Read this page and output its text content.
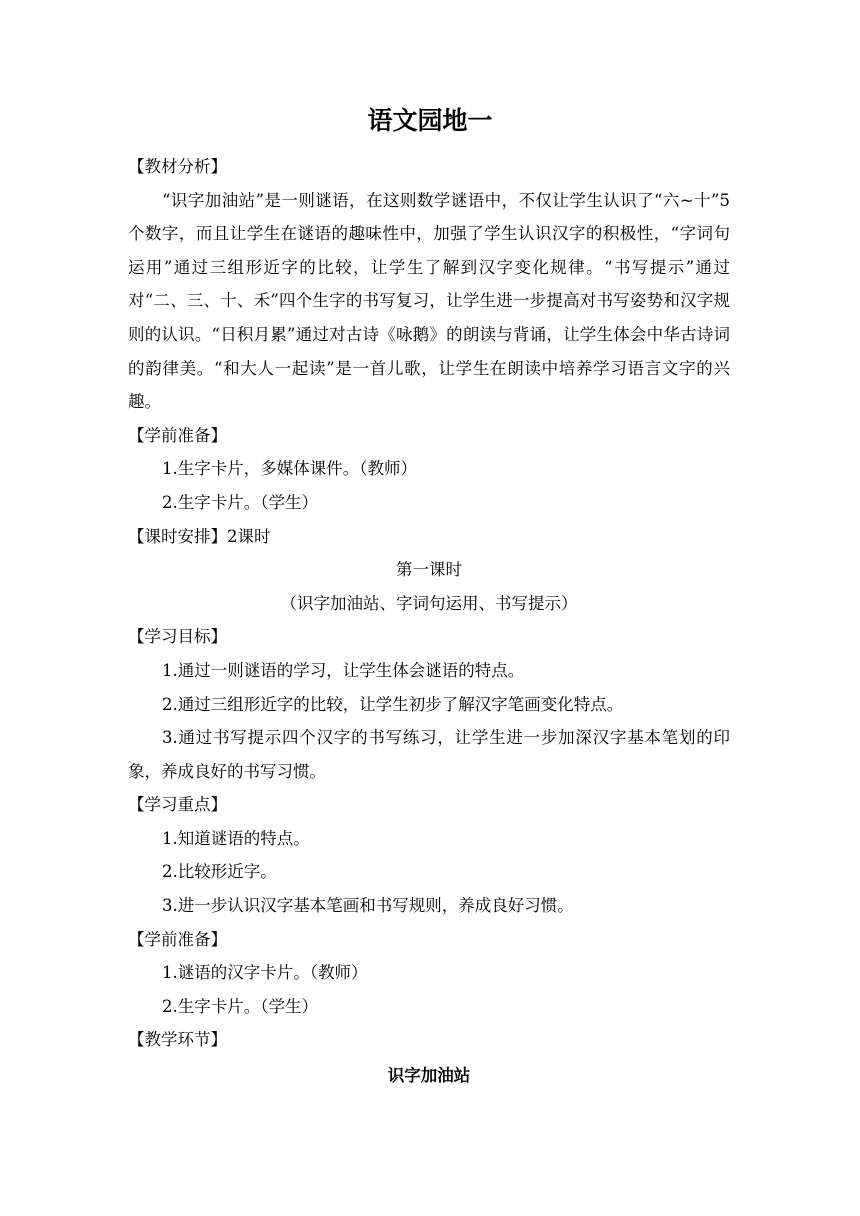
语文园地一

【教材分析】

“识字加油站”是一则谜语，在这则数学谜语中，不仅让学生认识了“六~十”5个数字，而且让学生在谜语的趣味性中，加强了学生认识汉字的积极性，“字词句运用”通过三组形近字的比较，让学生了解到汉字变化规律。“书写提示”通过对“二、三、十、禾”四个生字的书写复习，让学生进一步提高对书写姿势和汉字规则的认识。“日积月累”通过对古诗《咏鹅》的朗读与背诵，让学生体会中华古诗词的韵律美。“和大人一起读”是一首儿歌，让学生在朗读中培养学习语言文字的兴趣。

【学前准备】

1.生字卡片，多媒体课件。（教师）

2.生字卡片。（学生）

【课时安排】2课时

第一课时

（识字加油站、字词句运用、书写提示）

【学习目标】

1.通过一则谜语的学习，让学生体会谜语的特点。

2.通过三组形近字的比较，让学生初步了解汉字笔画变化特点。

3.通过书写提示四个汉字的书写练习，让学生进一步加深汉字基本笔划的印象，养成良好的书写习惯。

【学习重点】

1.知道谜语的特点。

2.比较形近字。

3.进一步认识汉字基本笔画和书写规则，养成良好习惯。

【学前准备】

1.谜语的汉字卡片。（教师）

2.生字卡片。（学生）

【教学环节】

识字加油站
